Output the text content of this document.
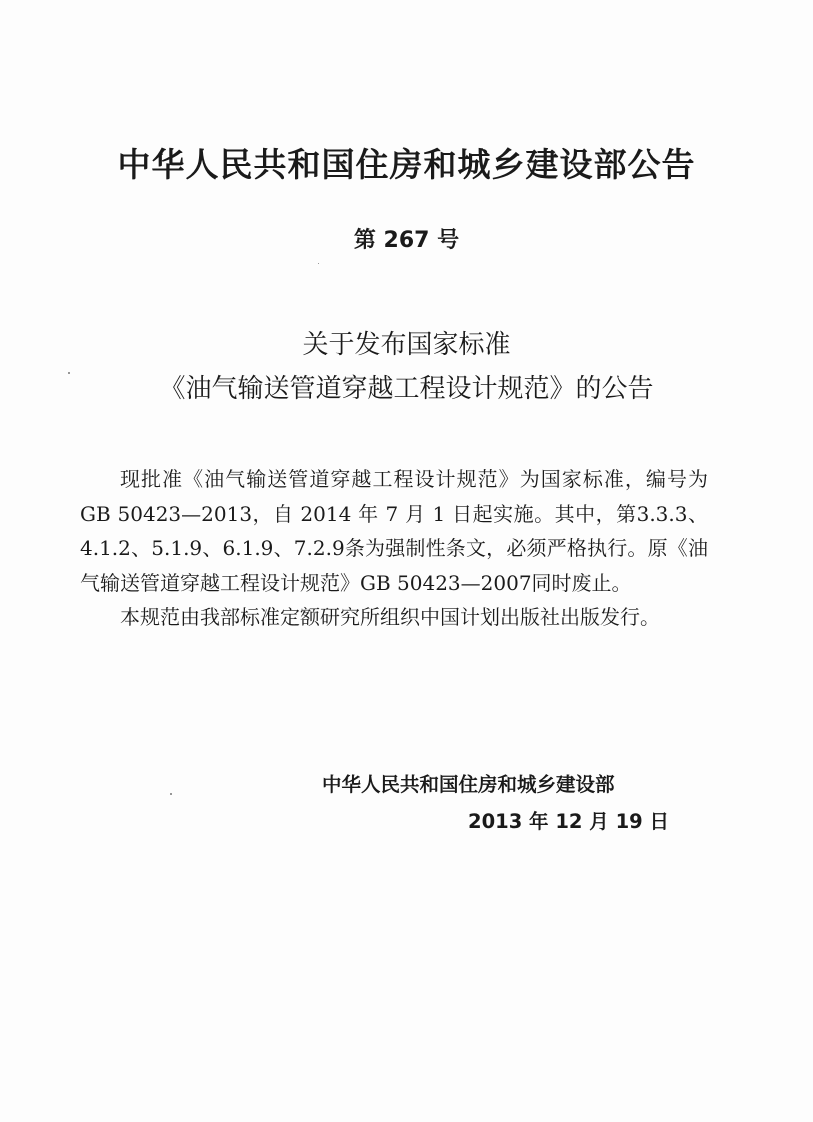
中华人民共和国住房和城乡建设部公告
第 267 号
关于发布国家标准
《油气输送管道穿越工程设计规范》的公告

现批准《油气输送管道穿越工程设计规范》为国家标准，编号为GB 50423—2013，自 2014 年 7 月 1 日起实施。其中，第3.3.3、4.1.2、5.1.9、6.1.9、7.2.9条为强制性条文，必须严格执行。原《油气输送管道穿越工程设计规范》GB 50423—2007同时废止。

本规范由我部标准定额研究所组织中国计划出版社出版发行。

中华人民共和国住房和城乡建设部
2013 年 12 月 19 日
